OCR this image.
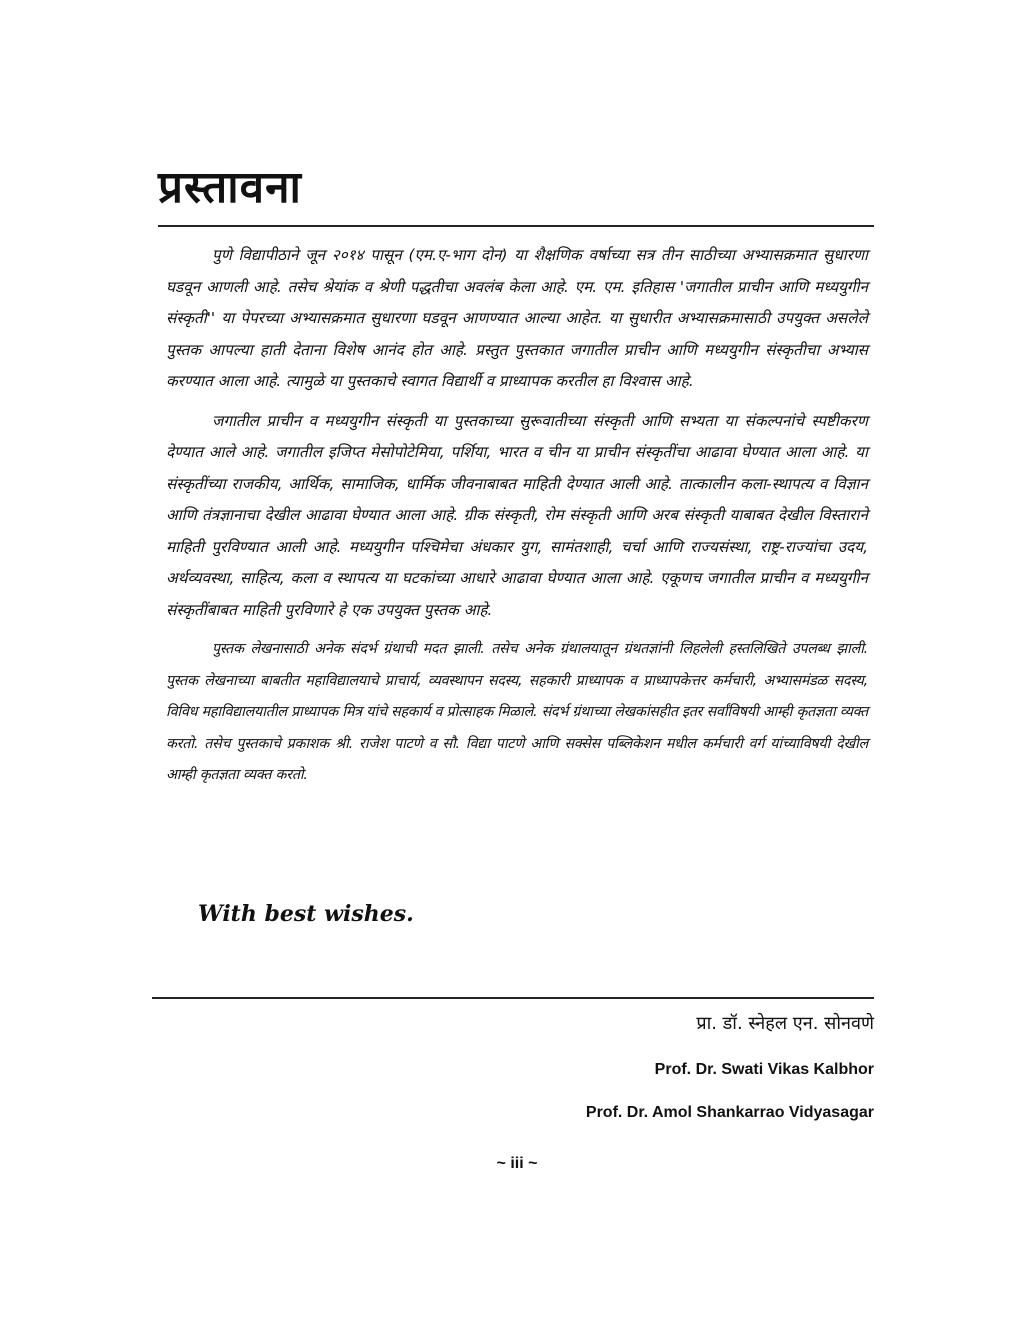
प्रस्तावना

पुणे विद्यापीठाने जून २०१४ पासून (एम.ए-भाग दोन) या शैक्षणिक वर्षाच्या सत्र तीन साठीच्या अभ्यासक्रमात सुधारणा घडवून आणली आहे. तसेच श्रेयांक व श्रेणी पद्धतीचा अवलंब केला आहे. एम. एम. इतिहास 'जगातील प्राचीन आणि मध्ययुगीन संस्कृती'' या पेपरच्या अभ्यासक्रमात सुधारणा घडवून आणण्यात आल्या आहेत. या सुधारीत अभ्यासक्रमासाठी उपयुक्त असलेले पुस्तक आपल्या हाती देताना विशेष आनंद होत आहे. प्रस्तुत पुस्तकात जगातील प्राचीन आणि मध्ययुगीन संस्कृतीचा अभ्यास करण्यात आला आहे. त्यामुळे या पुस्तकाचे स्वागत विद्यार्थी व प्राध्यापक करतील हा विश्वास आहे.

जगातील प्राचीन व मध्ययुगीन संस्कृती या पुस्तकाच्या सुरूवातीच्या संस्कृती आणि सभ्यता या संकल्पनांचे स्पष्टीकरण देण्यात आले आहे. जगातील इजिप्त मेसोपोटेमिया, पर्शिया, भारत व चीन या प्राचीन संस्कृतींचा आढावा घेण्यात आला आहे. या संस्कृतींच्या राजकीय, आर्थिक, सामाजिक, धार्मिक जीवनाबाबत माहिती देण्यात आली आहे. तात्कालीन कला-स्थापत्य व विज्ञान आणि तंत्रज्ञानाचा देखील आढावा घेण्यात आला आहे. ग्रीक संस्कृती, रोम संस्कृती आणि अरब संस्कृती याबाबत देखील विस्ताराने माहिती पुरविण्यात आली आहे. मध्ययुगीन पश्चिमेचा अंधकार युग, सामंतशाही, चर्चा आणि राज्यसंस्था, राष्ट्र-राज्यांचा उदय, अर्थव्यवस्था, साहित्य, कला व स्थापत्य या घटकांच्या आधारे आढावा घेण्यात आला आहे. एकूणच जगातील प्राचीन व मध्ययुगीन संस्कृतींबाबत माहिती पुरविणारे हे एक उपयुक्त पुस्तक आहे.

पुस्तक लेखनासाठी अनेक संदर्भ ग्रंथाची मदत झाली. तसेच अनेक ग्रंथालयातून ग्रंथतज्ञांनी लिहलेली हस्तलिखिते उपलब्ध झाली. पुस्तक लेखनाच्या बाबतीत महाविद्यालयाचे प्राचार्य, व्यवस्थापन सदस्य, सहकारी प्राध्यापक व प्राध्यापकेत्तर कर्मचारी, अभ्यासमंडळ सदस्य, विविध महाविद्यालयातील प्राध्यापक मित्र यांचे सहकार्य व प्रोत्साहक मिळाले. संदर्भ ग्रंथाच्या लेखकांसहीत इतर सर्वांविषयी आम्ही कृतज्ञता व्यक्त करतो. तसेच पुस्तकाचे प्रकाशक श्री. राजेश पाटणे व सौ. विद्या पाटणे आणि सक्सेस पब्लिकेशन मधील कर्मचारी वर्ग यांच्याविषयी देखील आम्ही कृतज्ञता व्यक्त करतो.

With best wishes.
प्रा. डॉ. स्नेहल एन. सोनवणे
Prof. Dr. Swati Vikas Kalbhor
Prof. Dr. Amol Shankarrao Vidyasagar
~ iii ~
